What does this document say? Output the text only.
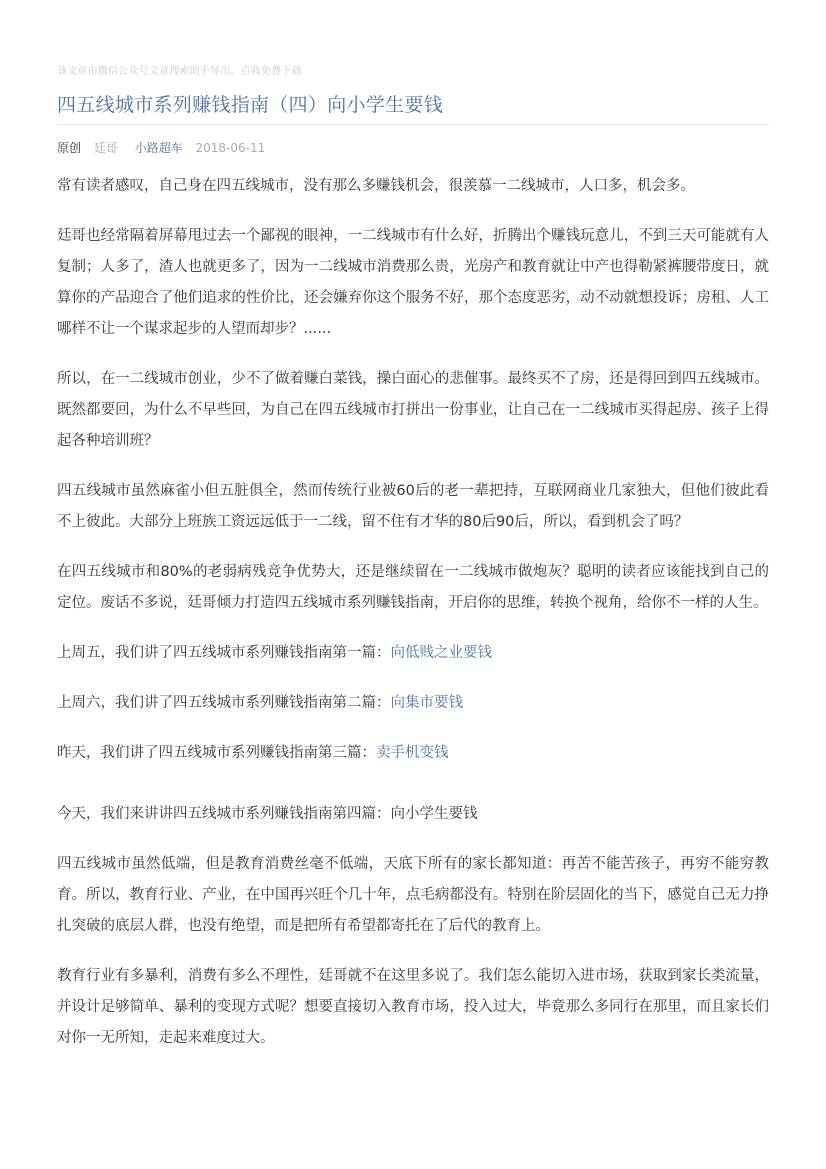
该文章由微信公众号文章搜索助手导出，点我免费下载
四五线城市系列赚钱指南（四）向小学生要钱
原创 廷哥 小路超车 2018-06-11

常有读者感叹，自己身在四五线城市，没有那么多赚钱机会，很羡慕一二线城市，人口多，机会多。

廷哥也经常隔着屏幕甩过去一个鄙视的眼神，一二线城市有什么好，折腾出个赚钱玩意儿，不到三天可能就有人复制；人多了，渣人也就更多了，因为一二线城市消费那么贵，光房产和教育就让中产也得勒紧裤腰带度日，就算你的产品迎合了他们追求的性价比，还会嫌弃你这个服务不好，那个态度恶劣，动不动就想投诉；房租、人工哪样不让一个谋求起步的人望而却步？......

所以，在一二线城市创业，少不了做着赚白菜钱，操白面心的悲催事。最终买不了房，还是得回到四五线城市。既然都要回，为什么不早些回，为自己在四五线城市打拼出一份事业，让自己在一二线城市买得起房、孩子上得起各种培训班？

四五线城市虽然麻雀小但五脏俱全，然而传统行业被60后的老一辈把持，互联网商业几家独大，但他们彼此看不上彼此。大部分上班族工资远远低于一二线，留不住有才华的80后90后，所以，看到机会了吗？

在四五线城市和80%的老弱病残竞争优势大，还是继续留在一二线城市做炮灰？聪明的读者应该能找到自己的定位。废话不多说，廷哥倾力打造四五线城市系列赚钱指南，开启你的思维，转换个视角，给你不一样的人生。

上周五，我们讲了四五线城市系列赚钱指南第一篇：向低贱之业要钱

上周六，我们讲了四五线城市系列赚钱指南第二篇：向集市要钱

昨天，我们讲了四五线城市系列赚钱指南第三篇：卖手机变钱

今天，我们来讲讲四五线城市系列赚钱指南第四篇：向小学生要钱

四五线城市虽然低端，但是教育消费丝毫不低端，天底下所有的家长都知道：再苦不能苦孩子，再穷不能穷教育。所以，教育行业、产业，在中国再兴旺个几十年，点毛病都没有。特别在阶层固化的当下，感觉自己无力挣扎突破的底层人群，也没有绝望，而是把所有希望都寄托在了后代的教育上。

教育行业有多暴利，消费有多么不理性，廷哥就不在这里多说了。我们怎么能切入进市场，获取到家长类流量，并设计足够简单、暴利的变现方式呢？想要直接切入教育市场，投入过大，毕竟那么多同行在那里，而且家长们对你一无所知，走起来难度过大。
